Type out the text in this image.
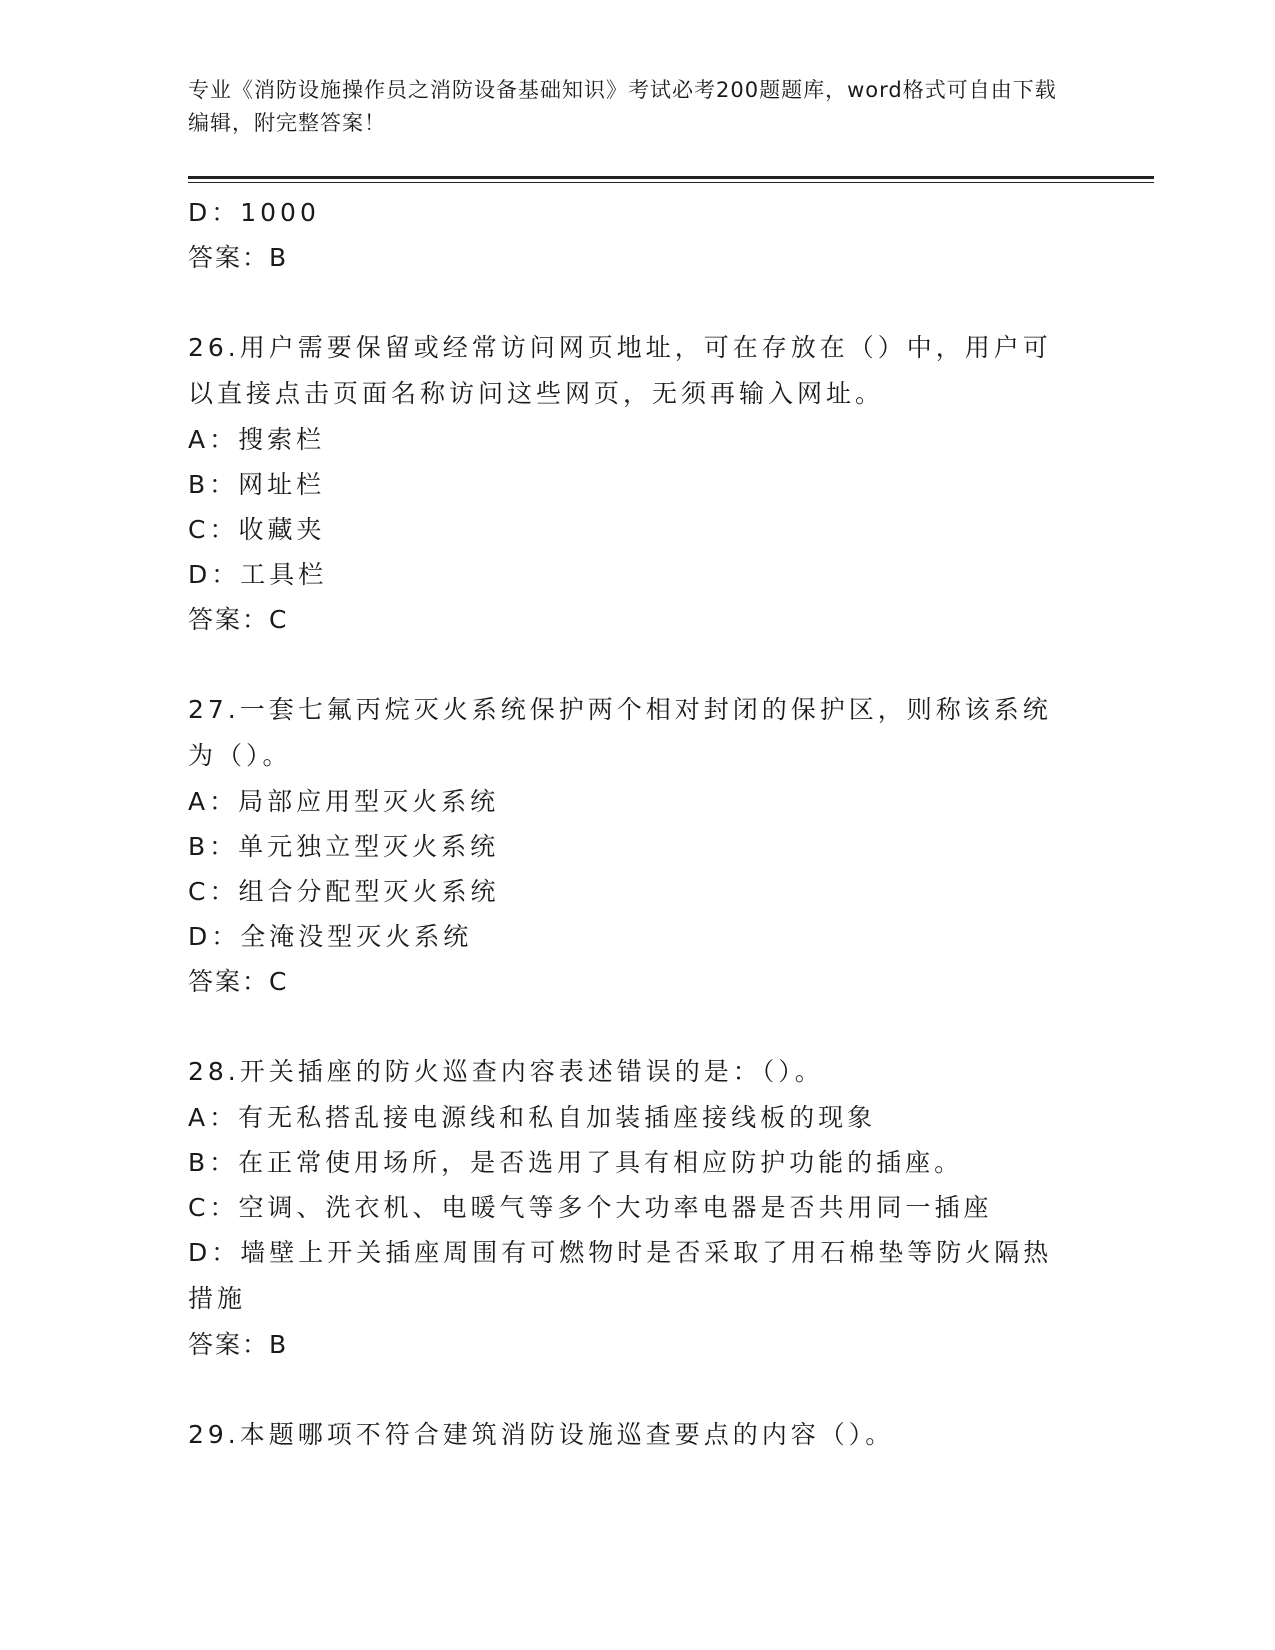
专业《消防设施操作员之消防设备基础知识》考试必考200题题库，word格式可自由下载编辑，附完整答案！
D：1000
答案：B
26.用户需要保留或经常访问网页地址，可在存放在（）中，用户可以直接点击页面名称访问这些网页，无须再输入网址。
A：搜索栏
B：网址栏
C：收藏夹
D：工具栏
答案：C
27.一套七氟丙烷灭火系统保护两个相对封闭的保护区，则称该系统为（）。
A：局部应用型灭火系统
B：单元独立型灭火系统
C：组合分配型灭火系统
D：全淹没型灭火系统
答案：C
28.开关插座的防火巡查内容表述错误的是：（）。
A：有无私搭乱接电源线和私自加装插座接线板的现象
B：在正常使用场所，是否选用了具有相应防护功能的插座。
C：空调、洗衣机、电暖气等多个大功率电器是否共用同一插座
D：墙壁上开关插座周围有可燃物时是否采取了用石棉垫等防火隔热措施
答案：B
29.本题哪项不符合建筑消防设施巡查要点的内容（）。
